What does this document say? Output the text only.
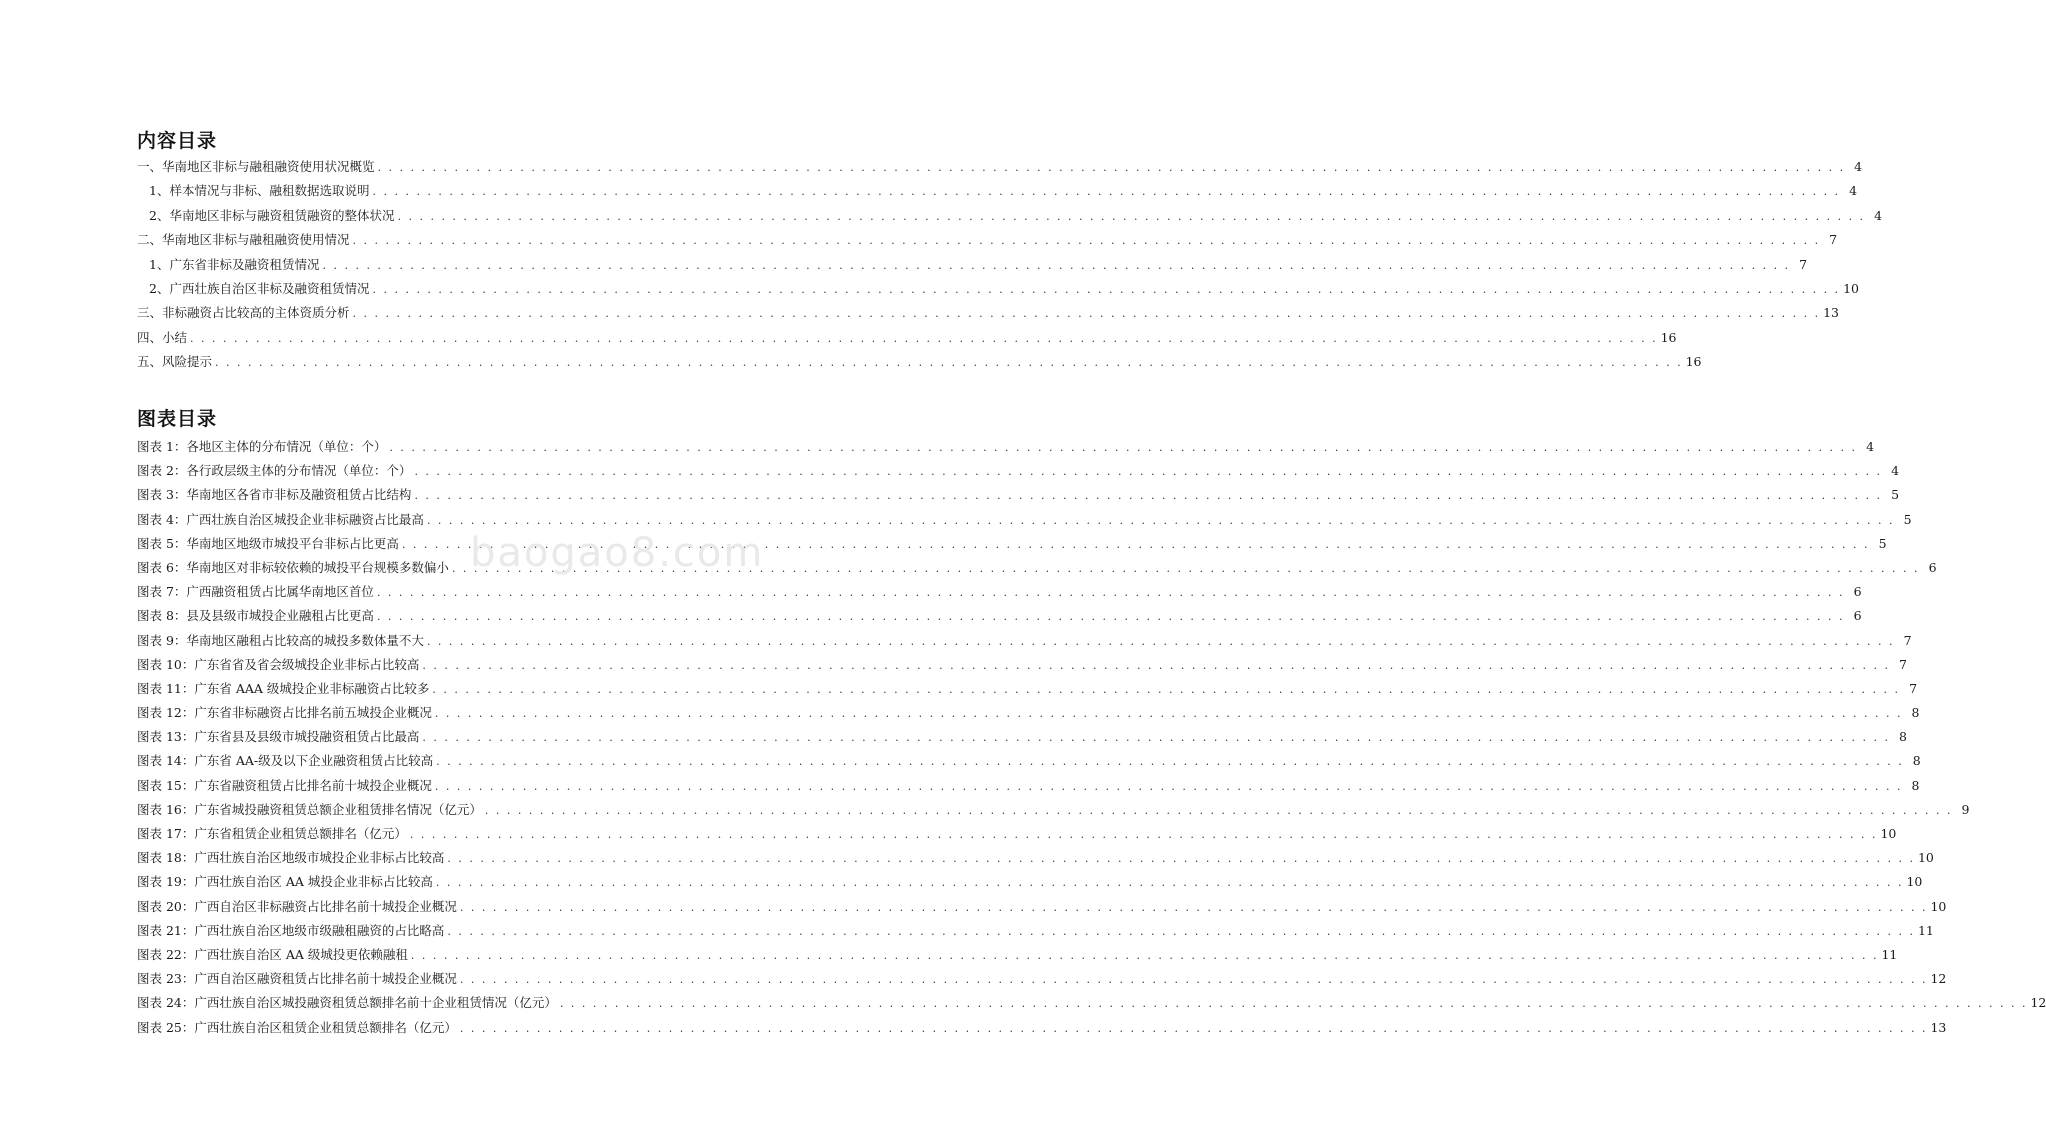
内容目录
一、华南地区非标与融租融资使用状况概览 . . .	4
1、样本情况与非标、融租数据选取说明 . . .	4
2、华南地区非标与融资租赁融资的整体状况 . . .	4
二、华南地区非标与融租融资使用情况 . . .	7
1、广东省非标及融资租赁情况 . . .	7
2、广西壮族自治区非标及融资租赁情况 . . .	10
三、非标融资占比较高的主体资质分析 . . .	13
四、小结 . . .	16
五、风险提示 . . .	16
图表目录
图表 1：各地区主体的分布情况（单位：个） . . .	4
图表 2：各行政层级主体的分布情况（单位：个） . . .	4
图表 3：华南地区各省市非标及融资租赁占比结构 . . .	5
图表 4：广西壮族自治区城投企业非标融资占比最高 . . .	5
图表 5：华南地区地级市城投平台非标占比更高 . . .	5
图表 6：华南地区对非标较依赖的城投平台规模多数偏小 . . .	6
图表 7：广西融资租赁占比属华南地区首位 . . .	6
图表 8：县及县级市城投企业融租占比更高 . . .	6
图表 9：华南地区融租占比较高的城投多数体量不大 . . .	7
图表 10：广东省省及省会级城投企业非标占比较高 . . .	7
图表 11：广东省 AAA 级城投企业非标融资占比较多 . . .	7
图表 12：广东省非标融资占比排名前五城投企业概况 . . .	8
图表 13：广东省县及县级市城投融资租赁占比最高 . . .	8
图表 14：广东省 AA-级及以下企业融资租赁占比较高 . . .	8
图表 15：广东省融资租赁占比排名前十城投企业概况 . . .	8
图表 16：广东省城投融资租赁总额企业租赁排名情况（亿元） . . .	9
图表 17：广东省租赁企业租赁总额排名（亿元） . . .	10
图表 18：广西壮族自治区地级市城投企业非标占比较高 . . .	10
图表 19：广西壮族自治区 AA 城投企业非标占比较高 . . .	10
图表 20：广西自治区非标融资占比排名前十城投企业概况 . . .	10
图表 21：广西壮族自治区地级市级融租融资的占比略高 . . .	11
图表 22：广西壮族自治区 AA 级城投更依赖融租 . . .	11
图表 23：广西自治区融资租赁占比排名前十城投企业概况 . . .	12
图表 24：广西壮族自治区城投融资租赁总额排名前十企业租赁情况（亿元） . . .	12
图表 25：广西壮族自治区租赁企业租赁总额排名（亿元） . . .	13
baogao8.com
